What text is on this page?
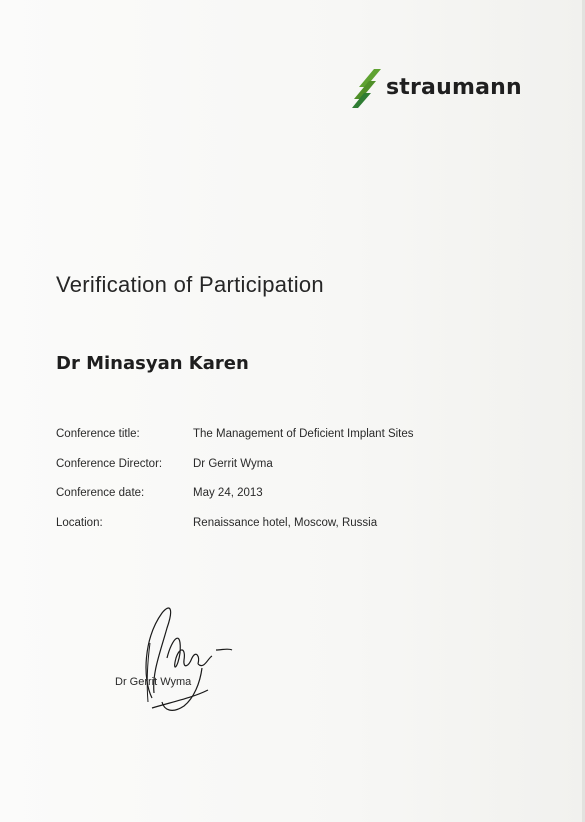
straumann
Verification of Participation
Dr Minasyan Karen
Conference title:	The Management of Deficient Implant Sites
Conference Director:	Dr Gerrit Wyma
Conference date:	May 24, 2013
Location:	Renaissance hotel, Moscow, Russia
Dr Gerrit Wyma
